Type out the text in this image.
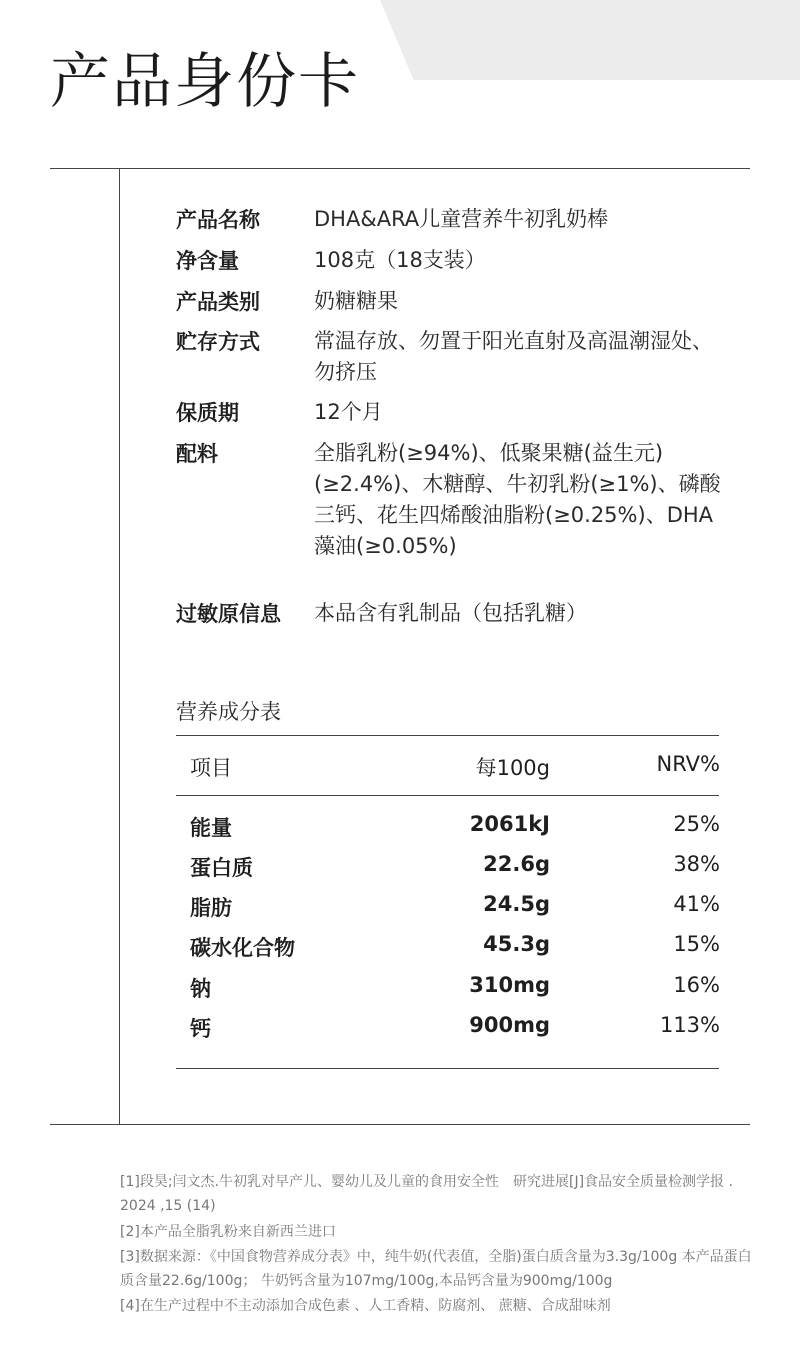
产品身份卡
产品名称	DHA&ARA儿童营养牛初乳奶棒
净含量	108克（18支装）
产品类别	奶糖糖果
贮存方式	常温存放、勿置于阳光直射及高温潮湿处、勿挤压
保质期	12个月
配料	全脂乳粉(≥94%)、低聚果糖(益生元)(≥2.4%)、木糖醇、牛初乳粉(≥1%)、磷酸三钙、花生四烯酸油脂粉(≥0.25%)、DHA藻油(≥0.05%)
过敏原信息 本品含有乳制品（包括乳糖）
营养成分表
项目	每100g	NRV%
能量	2061kJ	25%
蛋白质	22.6g	38%
脂肪	24.5g	41%
碳水化合物	45.3g	15%
钠	310mg	16%
钙	900mg	113%
[1]段昊;闫文杰.牛初乳对早产儿、婴幼儿及儿童的食用安全性　研究进展[J]食品安全质量检测学报 . 2024 ,15 (14)
[2]本产品全脂乳粉来自新西兰进口
[3]数据来源：《中国食物营养成分表》中，纯牛奶(代表值，全脂)蛋白质含量为3.3g/100g 本产品蛋白质含量22.6g/100g； 牛奶钙含量为107mg/100g,本品钙含量为900mg/100g
[4]在生产过程中不主动添加合成色素 、人工香精、防腐剂、 蔗糖、合成甜味剂
